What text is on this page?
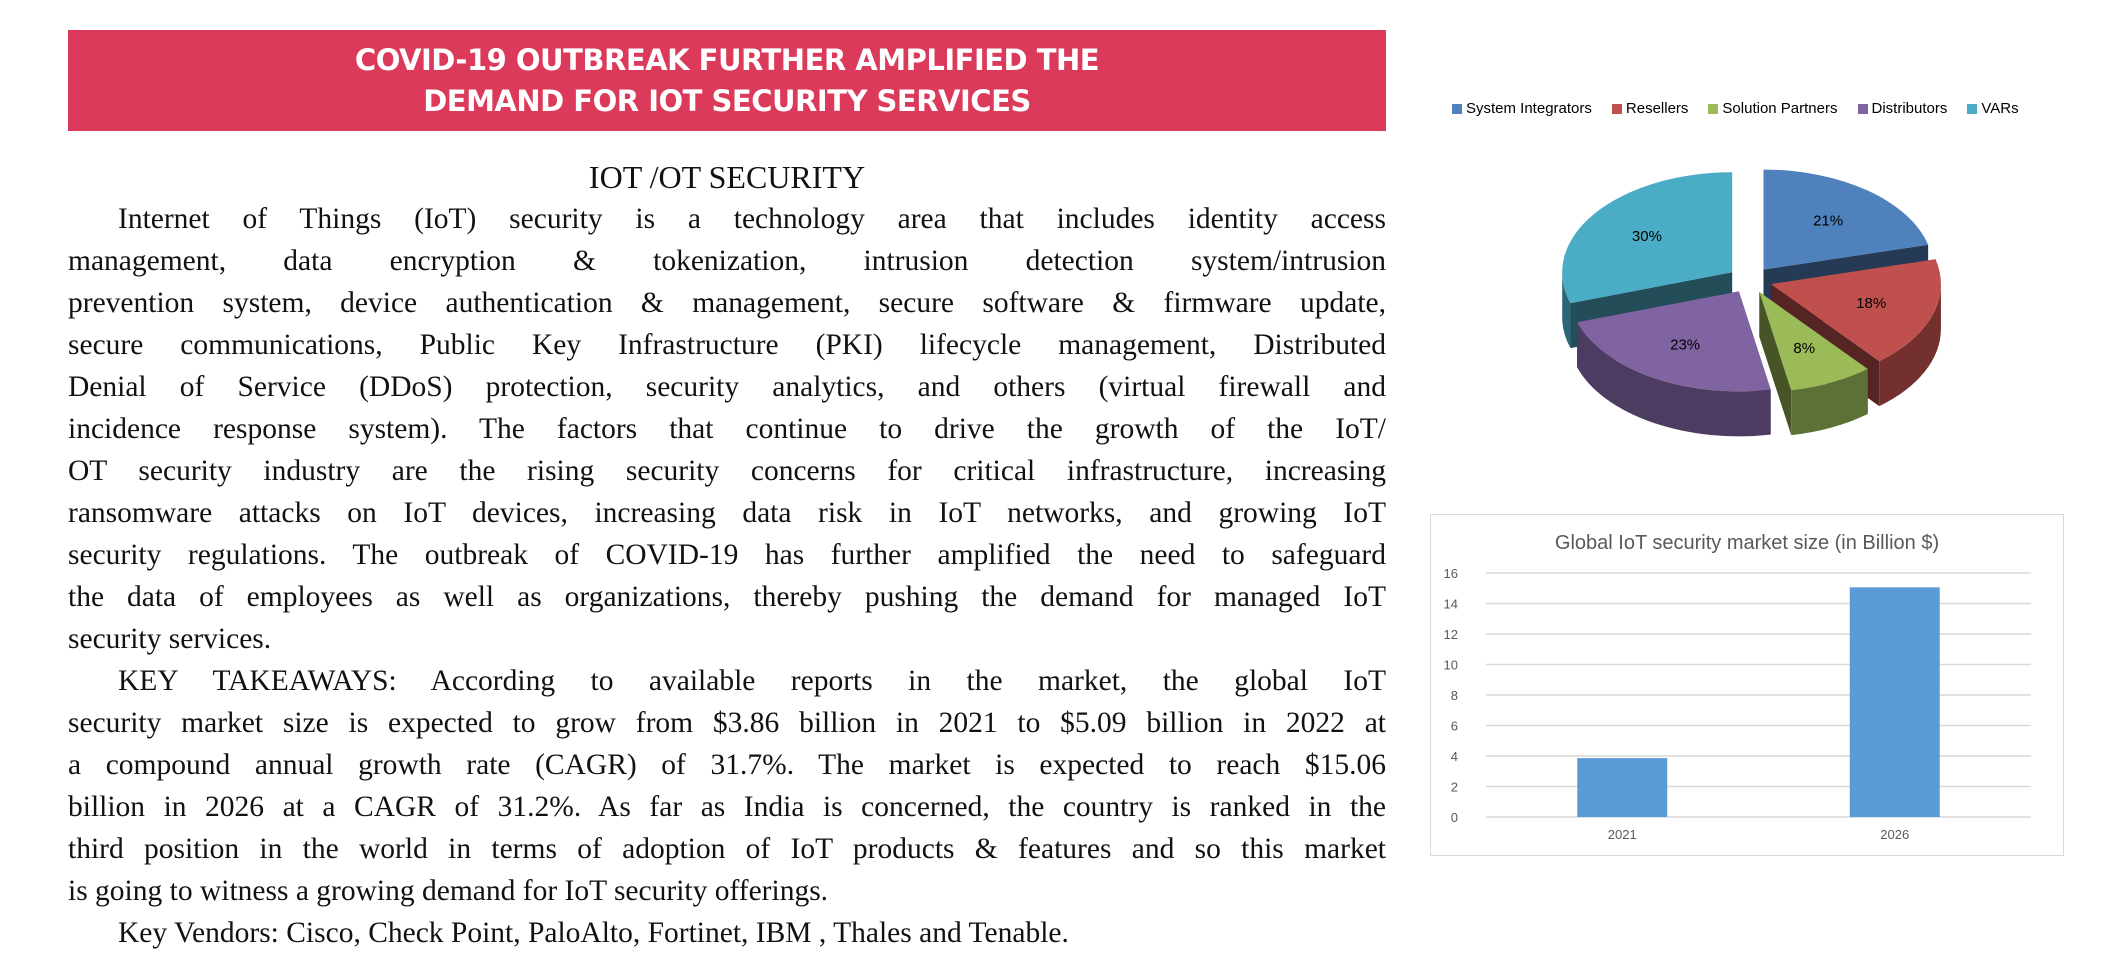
COVID-19 OUTBREAK FURTHER AMPLIFIED THE
DEMAND FOR IOT SECURITY SERVICES
IOT /OT SECURITY
Internet of Things (IoT) security is a technology area that includes identity access
management, data encryption & tokenization, intrusion detection system/intrusion
prevention system, device authentication & management, secure software & firmware update,
secure communications, Public Key Infrastructure (PKI) lifecycle management, Distributed
Denial of Service (DDoS) protection, security analytics, and others (virtual firewall and
incidence response system). The factors that continue to drive the growth of the IoT/
OT security industry are the rising security concerns for critical infrastructure, increasing
ransomware attacks on IoT devices, increasing data risk in IoT networks, and growing IoT
security regulations. The outbreak of COVID-19 has further amplified the need to safeguard
the data of employees as well as organizations, thereby pushing the demand for managed IoT
security services.
KEY TAKEAWAYS: According to available reports in the market, the global IoT
security market size is expected to grow from $3.86 billion in 2021 to $5.09 billion in 2022 at
a compound annual growth rate (CAGR) of 31.7%. The market is expected to reach $15.06
billion in 2026 at a CAGR of 31.2%. As far as India is concerned, the country is ranked in the
third position in the world in terms of adoption of IoT products & features and so this market
is going to witness a growing demand for IoT security offerings.
Key Vendors: Cisco, Check Point, PaloAlto, Fortinet, IBM , Thales and Tenable.
System Integrators Resellers Solution Partners Distributors VARs
21%
18%
8%
23%
30%
Global IoT security market size (in Billion $)
0
2
4
6
8
10
12
14
16
2021	2026
